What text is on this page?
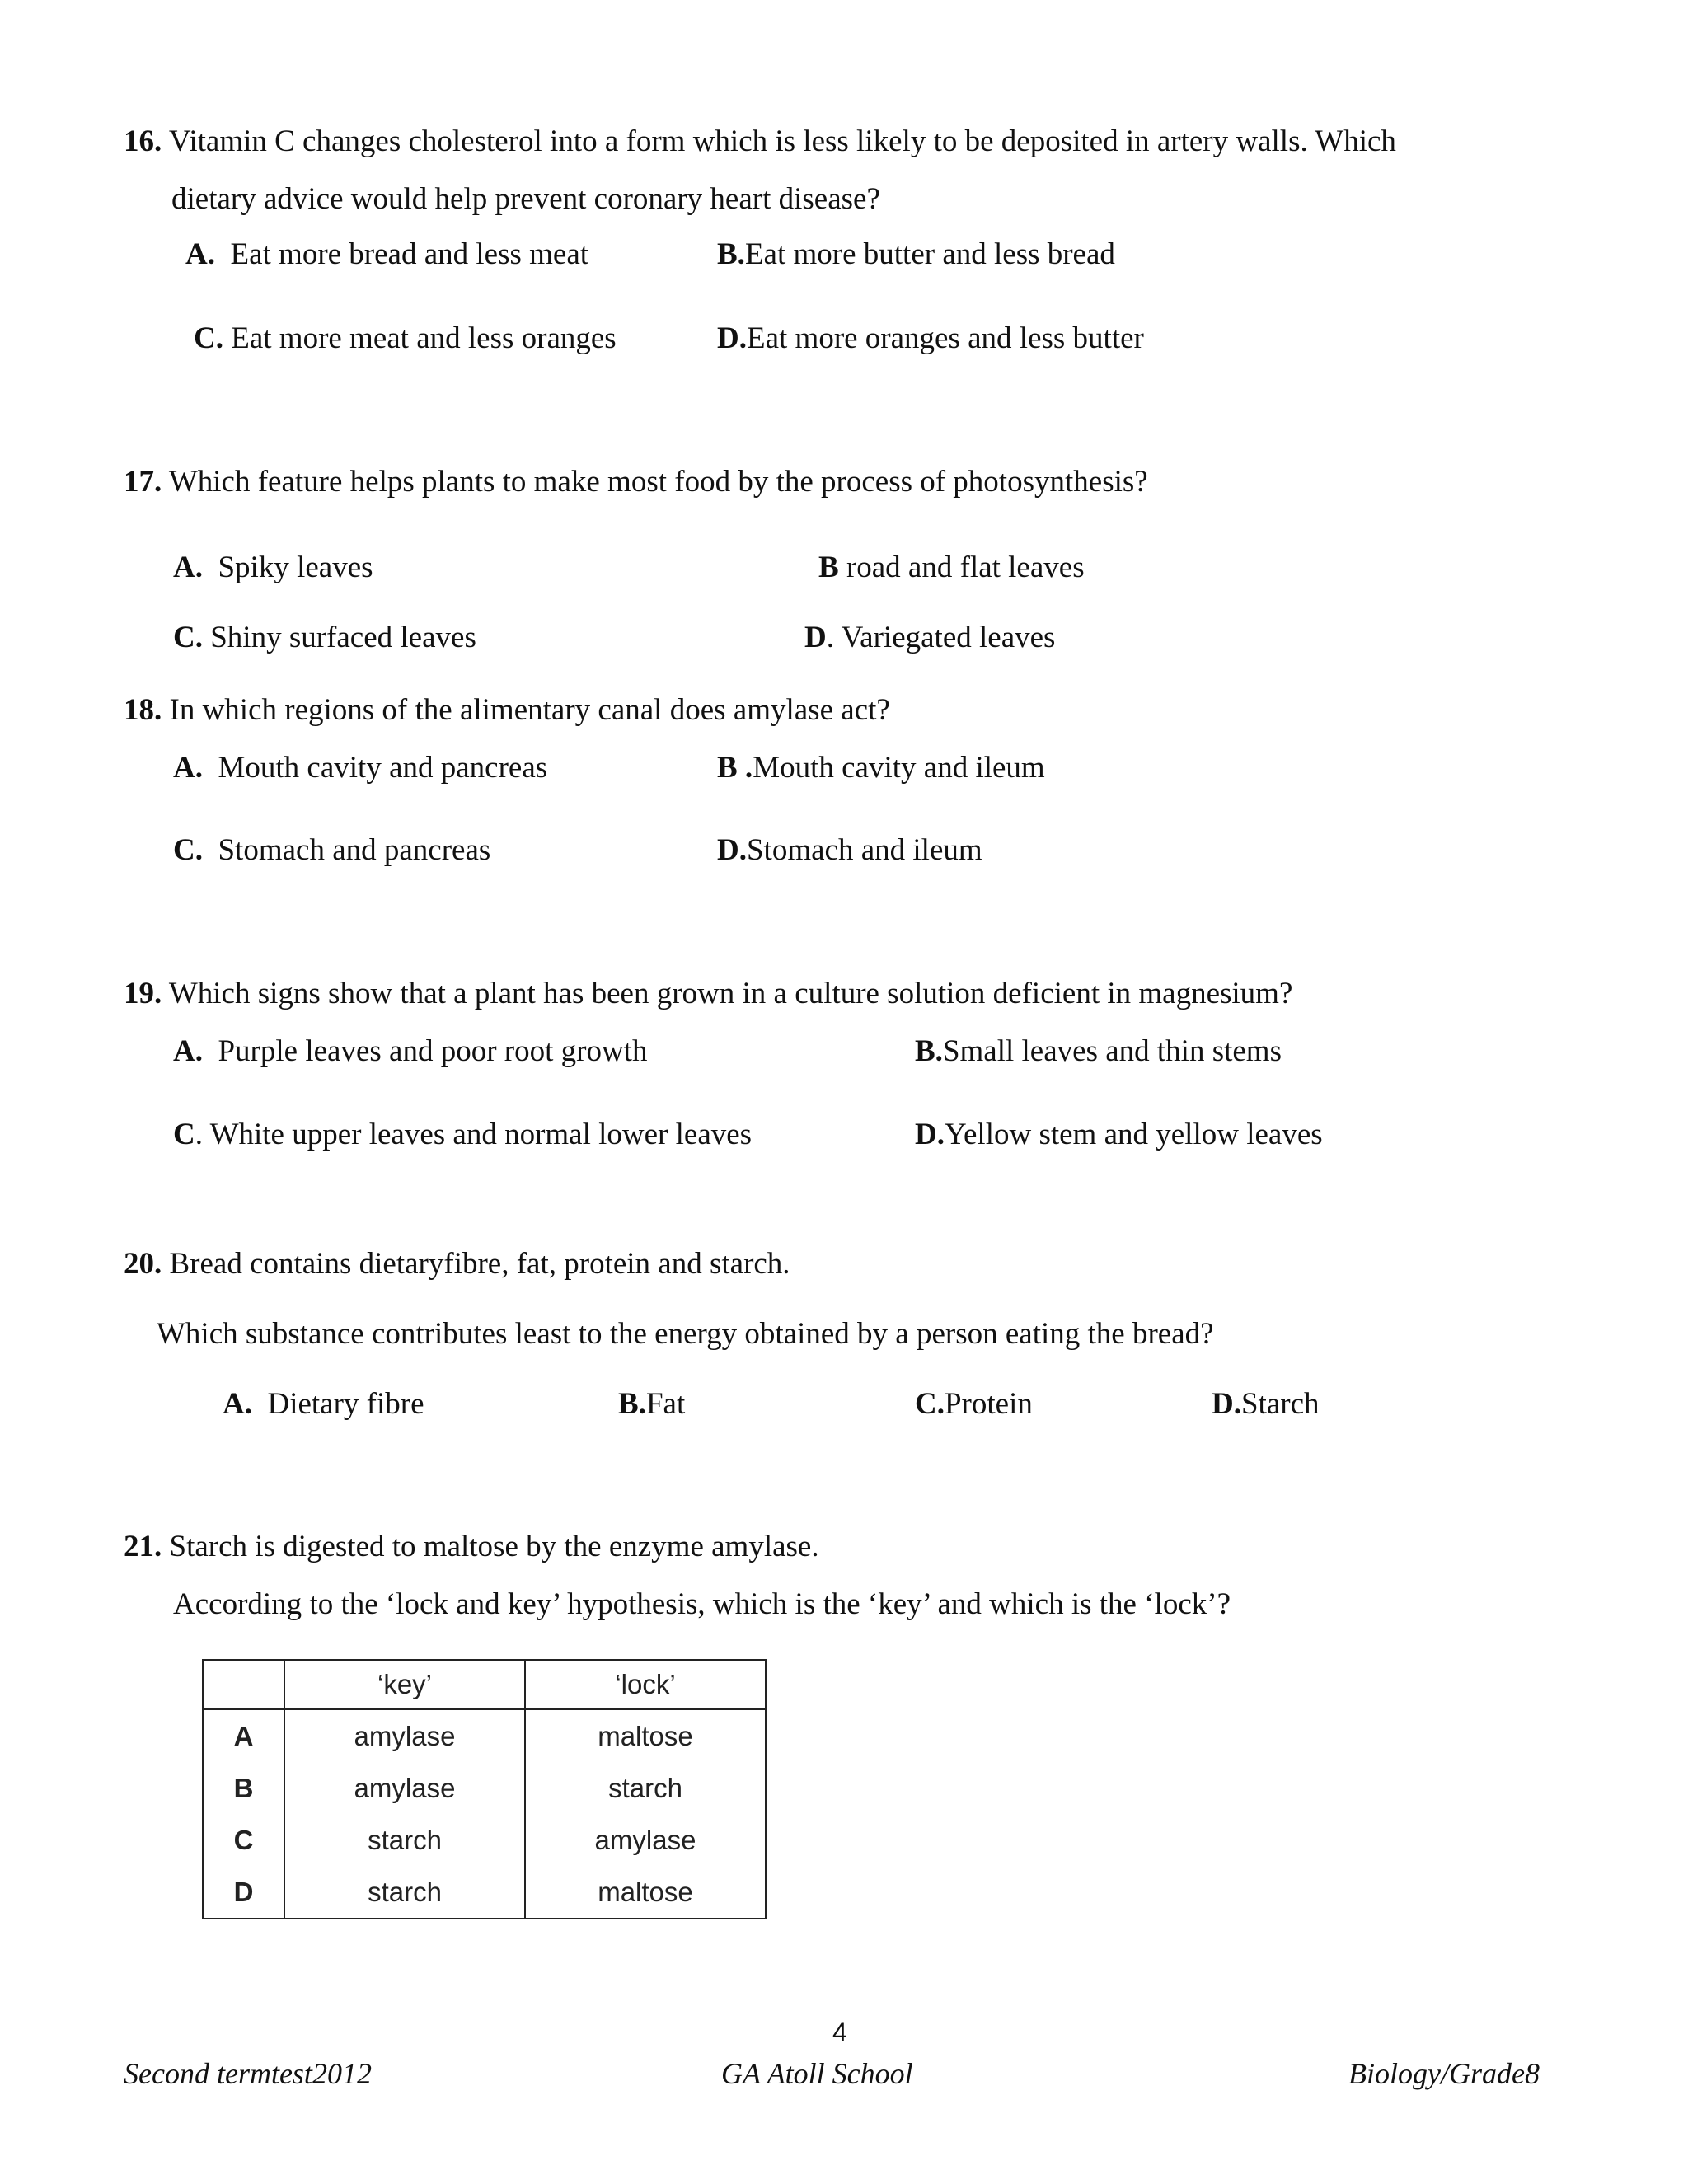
16. Vitamin C changes cholesterol into a form which is less likely to be deposited in artery walls. Which
dietary advice would help prevent coronary heart disease?
A. Eat more bread and less meat	B.Eat more butter and less bread
C. Eat more meat and less oranges	D.Eat more oranges and less butter
17. Which feature helps plants to make most food by the process of photosynthesis?
A. Spiky leaves	B road and flat leaves
C. Shiny surfaced leaves	D. Variegated leaves
18. In which regions of the alimentary canal does amylase act?
A. Mouth cavity and pancreas	B .Mouth cavity and ileum
C. Stomach and pancreas	D.Stomach and ileum
19. Which signs show that a plant has been grown in a culture solution deficient in magnesium?
A. Purple leaves and poor root growth	B.Small leaves and thin stems
C. White upper leaves and normal lower leaves	D.Yellow stem and yellow leaves
20. Bread contains dietaryfibre, fat, protein and starch.
Which substance contributes least to the energy obtained by a person eating the bread?
A. Dietary fibre	B.Fat	C.Protein	D.Starch
21. Starch is digested to maltose by the enzyme amylase.
According to the ‘lock and key’ hypothesis, which is the ‘key’ and which is the ‘lock’?
	‘key’	‘lock’
A	amylase	maltose
B	amylase	starch
C	starch	amylase
D	starch	maltose
4
Second termtest2012	GA Atoll School	Biology/Grade8
